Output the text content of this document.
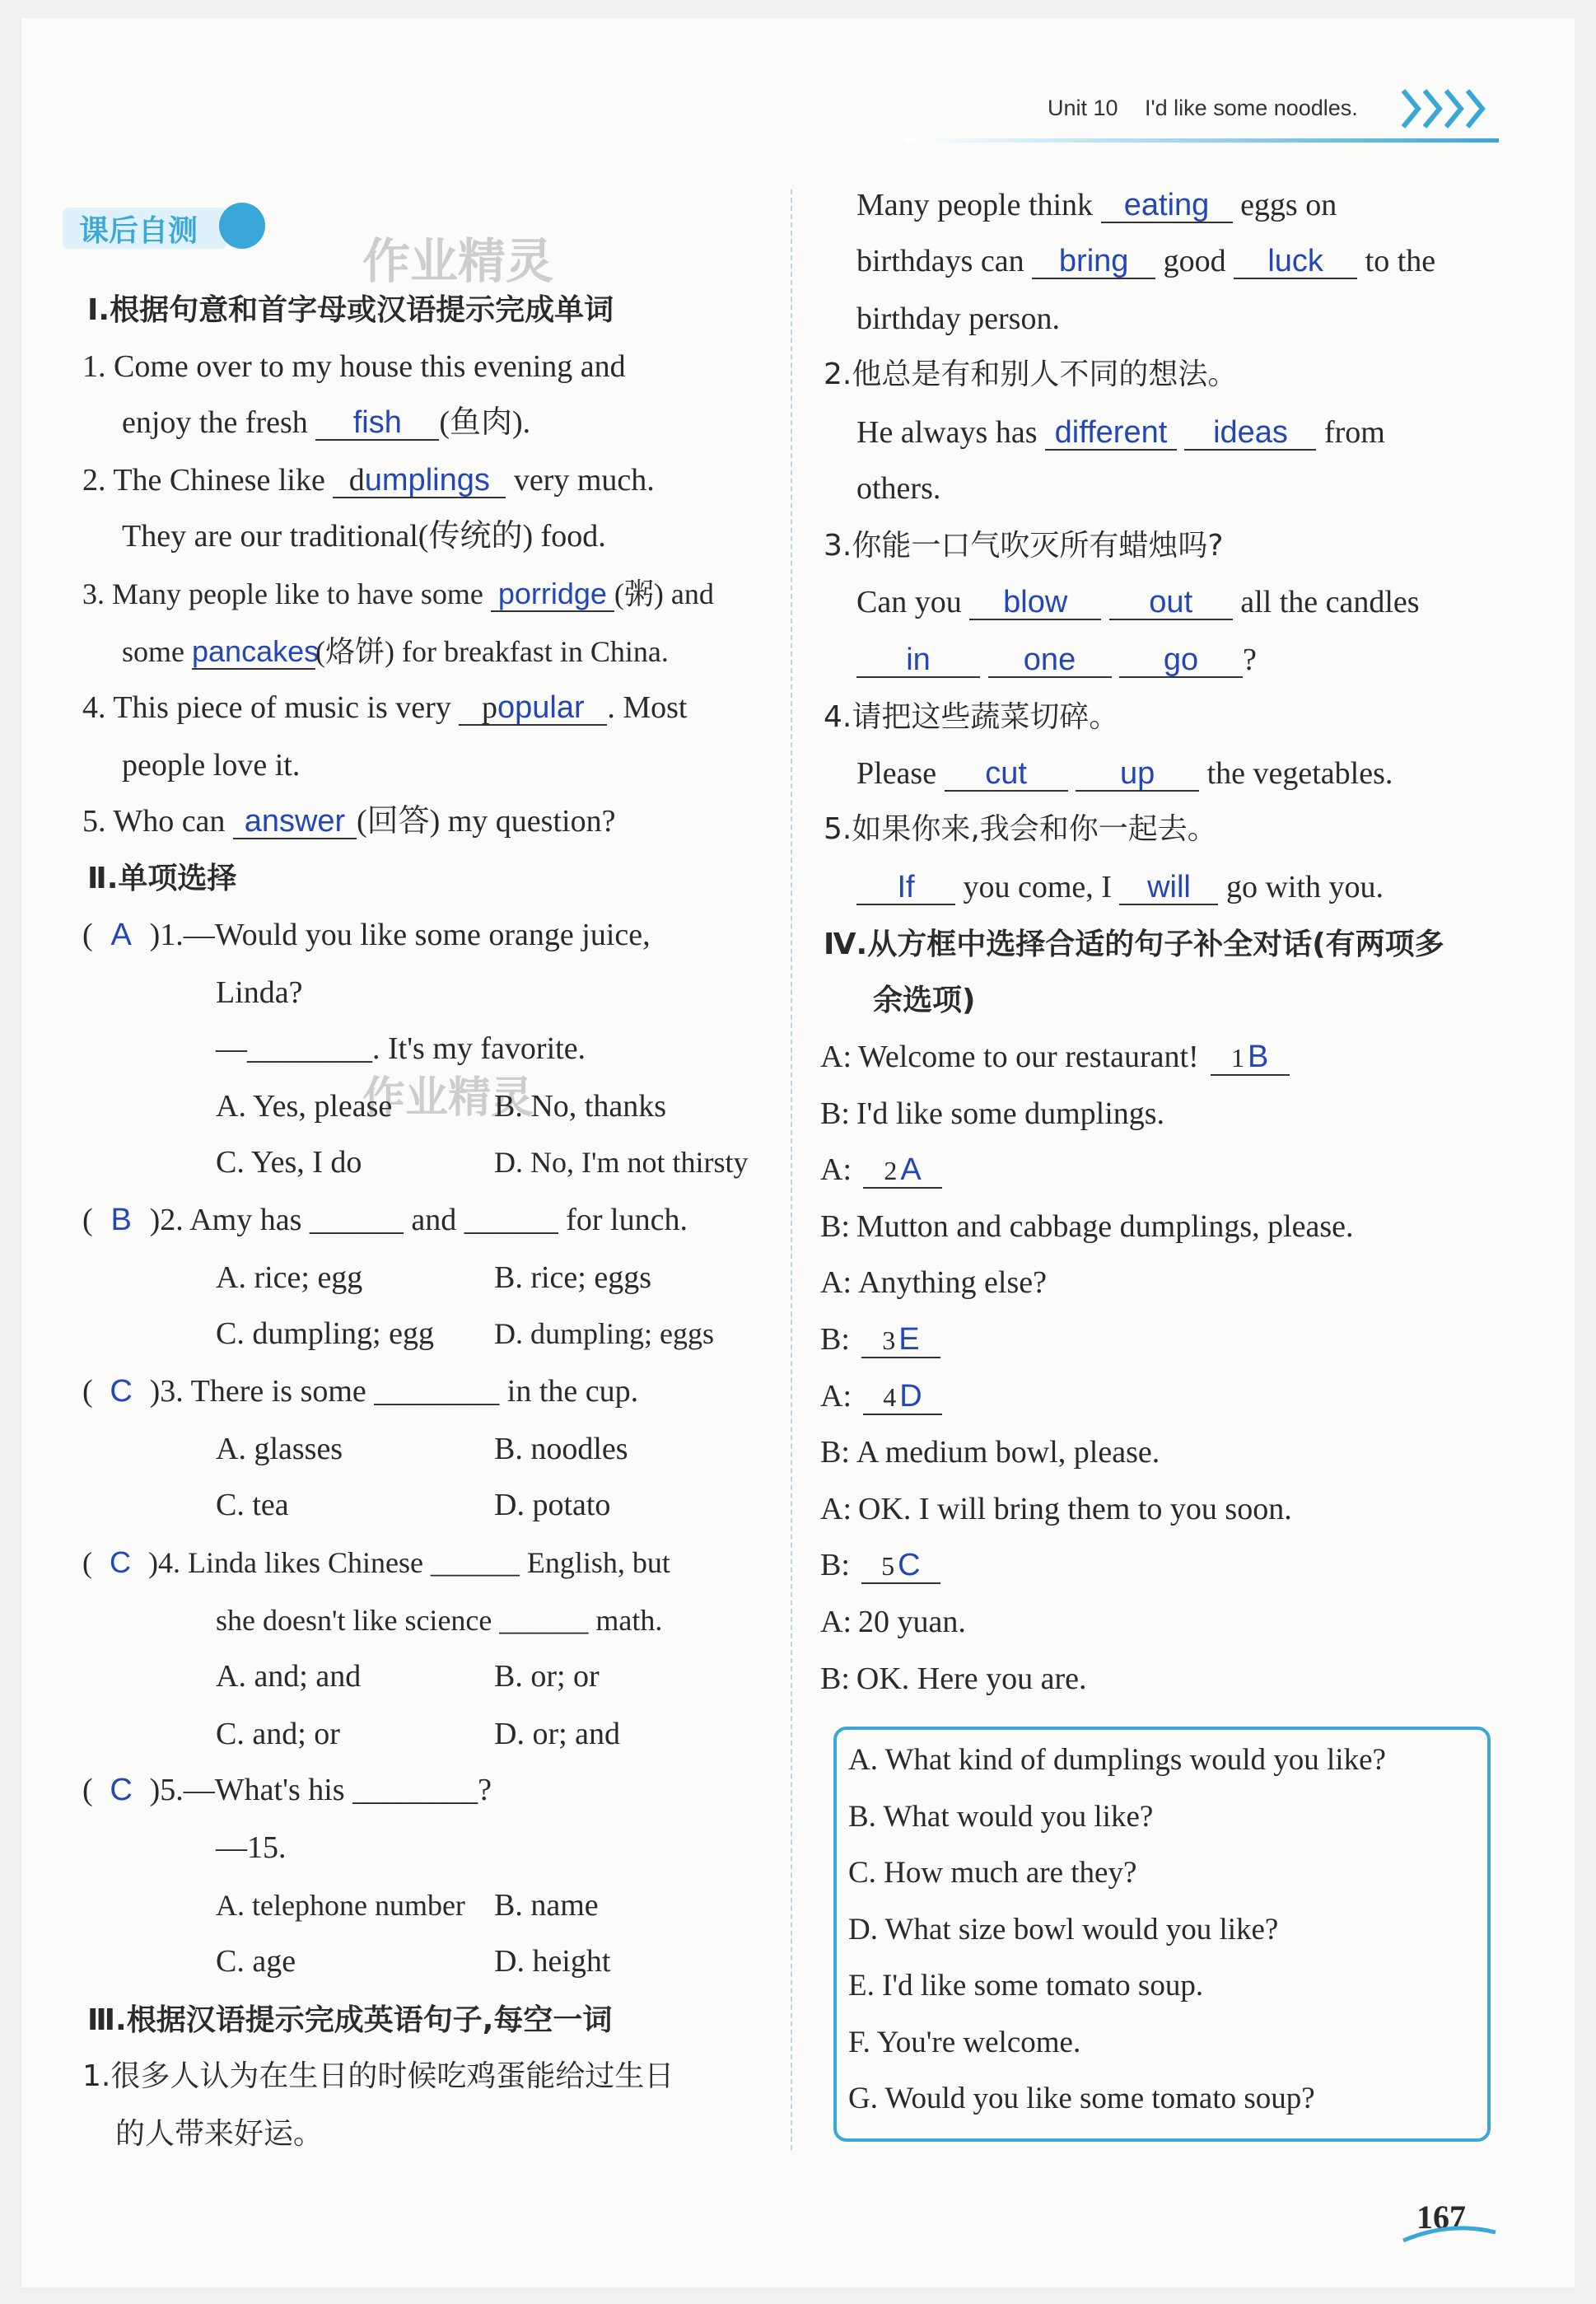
Unit 10 I'd like some noodles.
课后自测
作业精灵
作业精灵
Ⅰ.根据句意和首字母或汉语提示完成单词
1. Come over to my house this evening and
enjoy the fresh fish (鱼肉).
2. The Chinese like dumplings very much.
They are our traditional(传统的) food.
3. Many people like to have some porridge (粥) and
some pancakes(烙饼) for breakfast in China.
4. This piece of music is very popular . Most
people love it.
5. Who can answer (回答) my question?
Ⅱ.单项选择
( A )1.—Would you like some orange juice,
Linda?
—________. It's my favorite.
A. Yes, please	B. No, thanks
C. Yes, I do	D. No, I'm not thirsty
( B )2. Amy has ______ and ______ for lunch.
A. rice; egg	B. rice; eggs
C. dumpling; egg D. dumpling; eggs
( C )3. There is some ________ in the cup.
A. glasses	B. noodles
C. tea	D. potato
( C )4. Linda likes Chinese ______ English, but
she doesn't like science ______ math.
A. and; and	B. or; or
C. and; or	D. or; and
( C )5.—What's his ________?
—15.
A. telephone number B. name
C. age	D. height
Ⅲ.根据汉语提示完成英语句子,每空一词
1.很多人认为在生日的时候吃鸡蛋能给过生日
的人带来好运。
Many people think eating eggs on
birthdays can bring good luck to the
birthday person.
2.他总是有和别人不同的想法。
He always has different ideas from
others.
3.你能一口气吹灭所有蜡烛吗?
Can you blow	out all the candles
in	one	go ?
4.请把这些蔬菜切碎。
Please cut	up the vegetables.
5.如果你来,我会和你一起去。
If you come, I will go with you.
Ⅳ.从方框中选择合适的句子补全对话(有两项多
余选项)
A: Welcome to our restaurant! 1 B
B: I'd like some dumplings.
A: 2 A
B: Mutton and cabbage dumplings, please.
A: Anything else?
B: 3 E
A: 4 D
B: A medium bowl, please.
A: OK. I will bring them to you soon.
B: 5 C
A: 20 yuan.
B: OK. Here you are.
A. What kind of dumplings would you like?
B. What would you like?
C. How much are they?
D. What size bowl would you like?
E. I'd like some tomato soup.
F. You're welcome.
G. Would you like some tomato soup?
167
